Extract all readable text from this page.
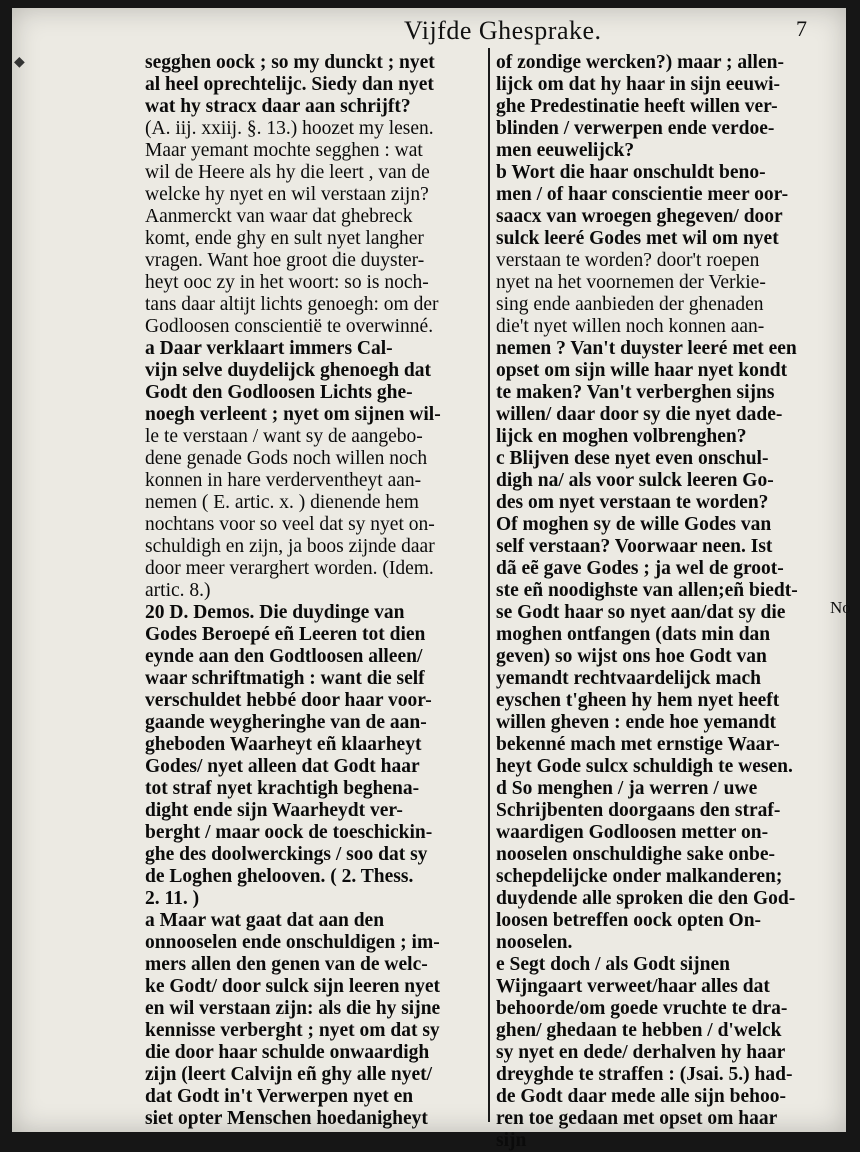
◆
Vijfde Ghesprake.	7
segghen oock ; so my dunckt ; nyet
al heel oprechtelijc. Siedy dan nyet
wat hy stracx daar aan schrijft?
(A. iij. xxiij. §. 13.) hoozet my lesen.
Maar yemant mochte segghen : wat
wil de Heere als hy die leert , van de
welcke hy nyet en wil verstaan zijn?
Aanmerckt van waar dat ghebreck
komt, ende ghy en sult nyet langher
vragen. Want hoe groot die duyster-
heyt ooc zy in het woort: so is noch-
tans daar altijt lichts genoegh: om der
Godloosen conscientië te overwinné.
a Daar verklaart immers Cal-
vijn selve duydelijck ghenoegh dat
Godt den Godloosen Lichts ghe-
noegh verleent ; nyet om sijnen wil-
le te verstaan / want sy de aangebo-
dene genade Gods noch willen noch
konnen in hare verderventheyt aan-
nemen ( E. artic. x. ) dienende hem
nochtans voor so veel dat sy nyet on-
schuldigh en zijn, ja boos zijnde daar
door meer verarghert worden. (Idem.
artic. 8.)
20 D. Demos. Die duydinge van
Godes Beroepé eñ Leeren tot dien
eynde aan den Godtloosen alleen/
waar schriftmatigh : want die self
verschuldet hebbé door haar voor-
gaande weygheringhe van de aan-
gheboden Waarheyt eñ klaarheyt
Godes/ nyet alleen dat Godt haar
tot straf nyet krachtigh beghena-
dight ende sijn Waarheydt ver-
berght / maar oock de toeschickin-
ghe des doolwerckings / soo dat sy
de Loghen ghelooven. ( 2. Thess.
2. 11. )
a Maar wat gaat dat aan den
onnooselen ende onschuldigen ; im-
mers allen den genen van de welc-
ke Godt/ door sulck sijn leeren nyet
en wil verstaan zijn: als die hy sijne
kennisse verberght ; nyet om dat sy
die door haar schulde onwaardigh
zijn (leert Calvijn eñ ghy alle nyet/
dat Godt in't Verwerpen nyet en
siet opter Menschen hoedanigheyt
of zondige wercken?) maar ; allen-
lijck om dat hy haar in sijn eeuwi-
ghe Predestinatie heeft willen ver-
blinden / verwerpen ende verdoe-
men eeuwelijck?
b Wort die haar onschuldt beno-
men / of haar conscientie meer oor-
saacx van wroegen ghegeven/ door
sulck leeré Godes met wil om nyet
verstaan te worden? door't roepen
nyet na het voornemen der Verkie-
sing ende aanbieden der ghenaden
die't nyet willen noch konnen aan-
nemen ? Van't duyster leeré met een
opset om sijn wille haar nyet kondt
te maken? Van't verberghen sijns
willen/ daar door sy die nyet dade-
lijck en moghen volbrenghen?
c Blijven dese nyet even onschul-
digh na/ als voor sulck leeren Go-
des om nyet verstaan te worden?
Of moghen sy de wille Godes van
self verstaan? Voorwaar neen. Ist
dã eẽ gave Godes ; ja wel de groot-
ste eñ noodighste van allen;eñ biedt-
se Godt haar so nyet aan/dat sy die
moghen ontfangen (dats min dan
geven) so wijst ons hoe Godt van
yemandt rechtvaardelijck mach
eyschen t'gheen hy hem nyet heeft
willen gheven : ende hoe yemandt
bekenné mach met ernstige Waar-
heyt Gode sulcx schuldigh te wesen.
d So menghen / ja werren / uwe
Schrijbenten doorgaans den straf-
waardigen Godloosen metter on-
nooselen onschuldighe sake onbe-
schepdelijcke onder malkanderen;
duydende alle sproken die den God-
loosen betreffen oock opten On-
nooselen.
e Segt doch / als Godt sijnen
Wijngaart verweet/haar alles dat
behoorde/om goede vruchte te dra-
ghen/ ghedaan te hebben / d'welck
sy nyet en dede/ derhalven hy haar
dreyghde te straffen : (Jsai. 5.) had-
de Godt daar mede alle sijn behoo-
ren toe gedaan met opset om haar
sijn
No
